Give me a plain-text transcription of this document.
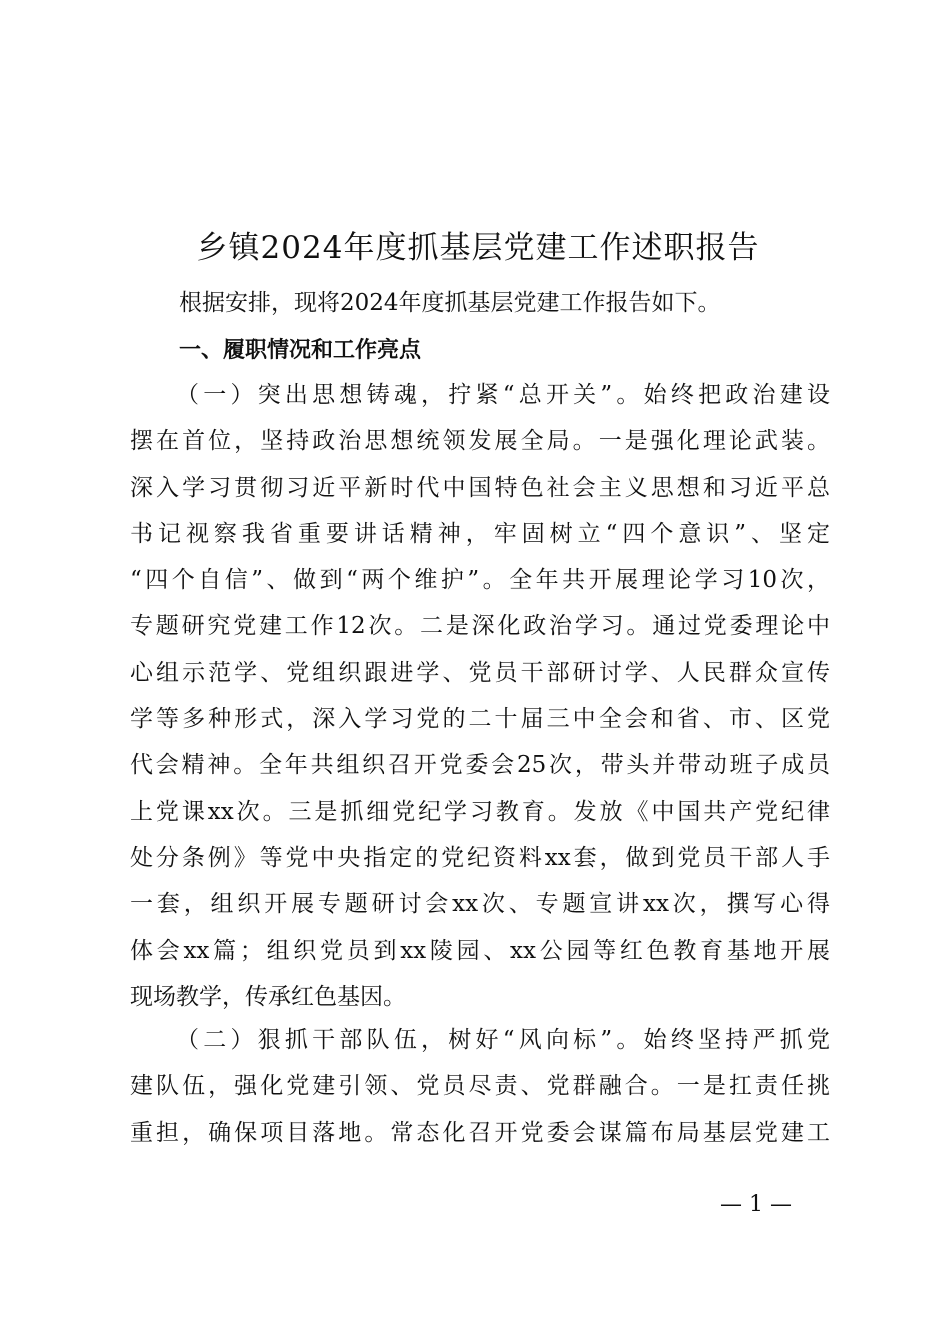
乡镇2024年度抓基层党建工作述职报告
根据安排，现将2024年度抓基层党建工作报告如下。
一、履职情况和工作亮点
（一）突出思想铸魂，拧紧“总开关”。始终把政治建设
摆在首位，坚持政治思想统领发展全局。一是强化理论武装。
深入学习贯彻习近平新时代中国特色社会主义思想和习近平总
书记视察我省重要讲话精神，牢固树立“四个意识”、坚定
“四个自信”、做到“两个维护”。全年共开展理论学习10次，
专题研究党建工作12次。二是深化政治学习。通过党委理论中
心组示范学、党组织跟进学、党员干部研讨学、人民群众宣传
学等多种形式，深入学习党的二十届三中全会和省、市、区党
代会精神。全年共组织召开党委会25次，带头并带动班子成员
上党课xx次。三是抓细党纪学习教育。发放《中国共产党纪律
处分条例》等党中央指定的党纪资料xx套，做到党员干部人手
一套，组织开展专题研讨会xx次、专题宣讲xx次，撰写心得
体会xx篇；组织党员到xx陵园、xx公园等红色教育基地开展
现场教学，传承红色基因。
（二）狠抓干部队伍，树好“风向标”。始终坚持严抓党
建队伍，强化党建引领、党员尽责、党群融合。一是扛责任挑
重担，确保项目落地。常态化召开党委会谋篇布局基层党建工
— 1 —
